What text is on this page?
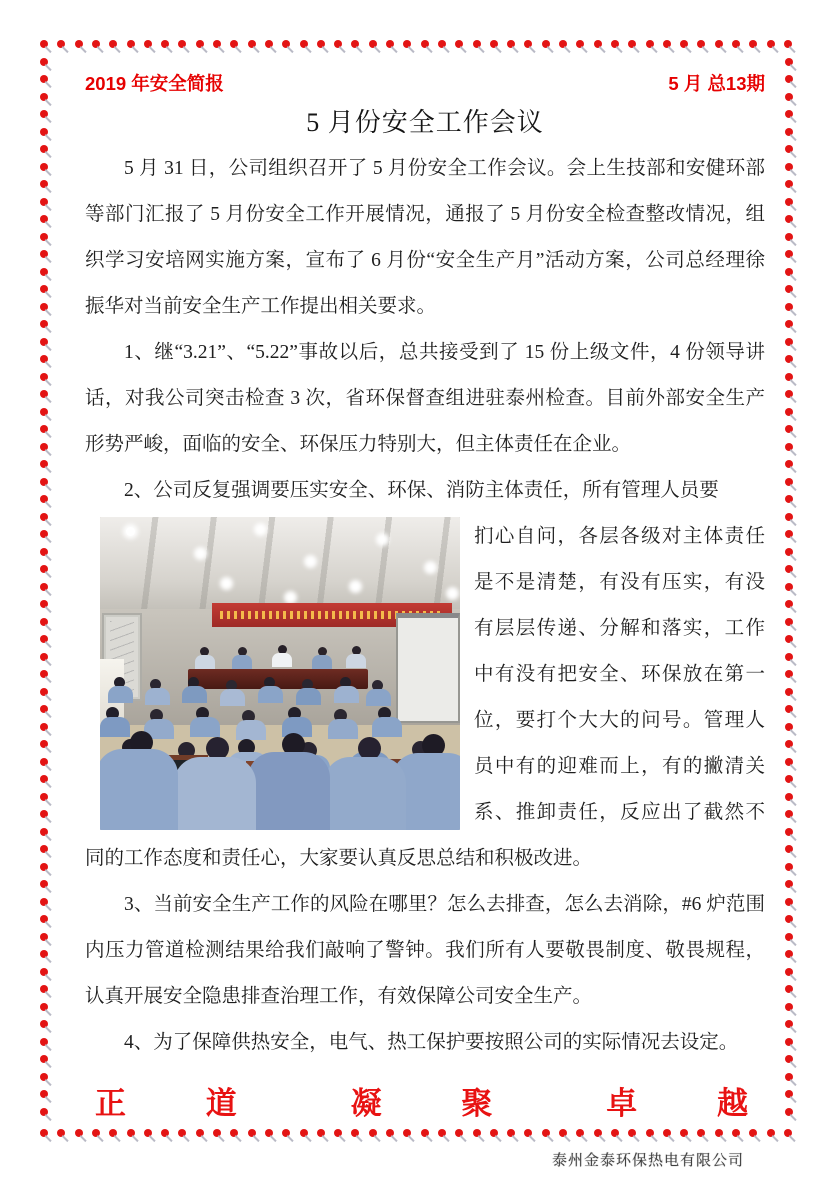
2019 年安全简报	5 月 总13期
5 月份安全工作会议

5 月 31 日，公司组织召开了 5 月份安全工作会议。会上生技部和安健环部等部门汇报了 5 月份安全工作开展情况，通报了 5 月份安全检查整改情况，组织学习安培网实施方案，宣布了 6 月份“安全生产月”活动方案，公司总经理徐振华对当前安全生产工作提出相关要求。

1、继“3.21”、“5.22”事故以后，总共接受到了 15 份上级文件，4 份领导讲话，对我公司突击检查 3 次，省环保督查组进驻泰州检查。目前外部安全生产形势严峻，面临的安全、环保压力特别大，但主体责任在企业。

2、公司反复强调要压实安全、环保、消防主体责任，所有管理人员要

扪心自问，各层各级对主体责任是不是清楚，有没有压实，有没有层层传递、分解和落实，工作中有没有把安全、环保放在第一位，要打个大大的问号。管理人员中有的迎难而上，有的撇清关系、推卸责任，反应出了截然不同的工作态度和责任心，大家要认真反思总结和积极改进。

3、当前安全生产工作的风险在哪里？怎么去排查，怎么去消除，#6 炉范围内压力管道检测结果给我们敲响了警钟。我们所有人要敬畏制度、敬畏规程，认真开展安全隐患排查治理工作，有效保障公司安全生产。

4、为了保障供热安全，电气、热工保护要按照公司的实际情况去设定。

正	道	凝	聚	卓	越
泰州金泰环保热电有限公司
